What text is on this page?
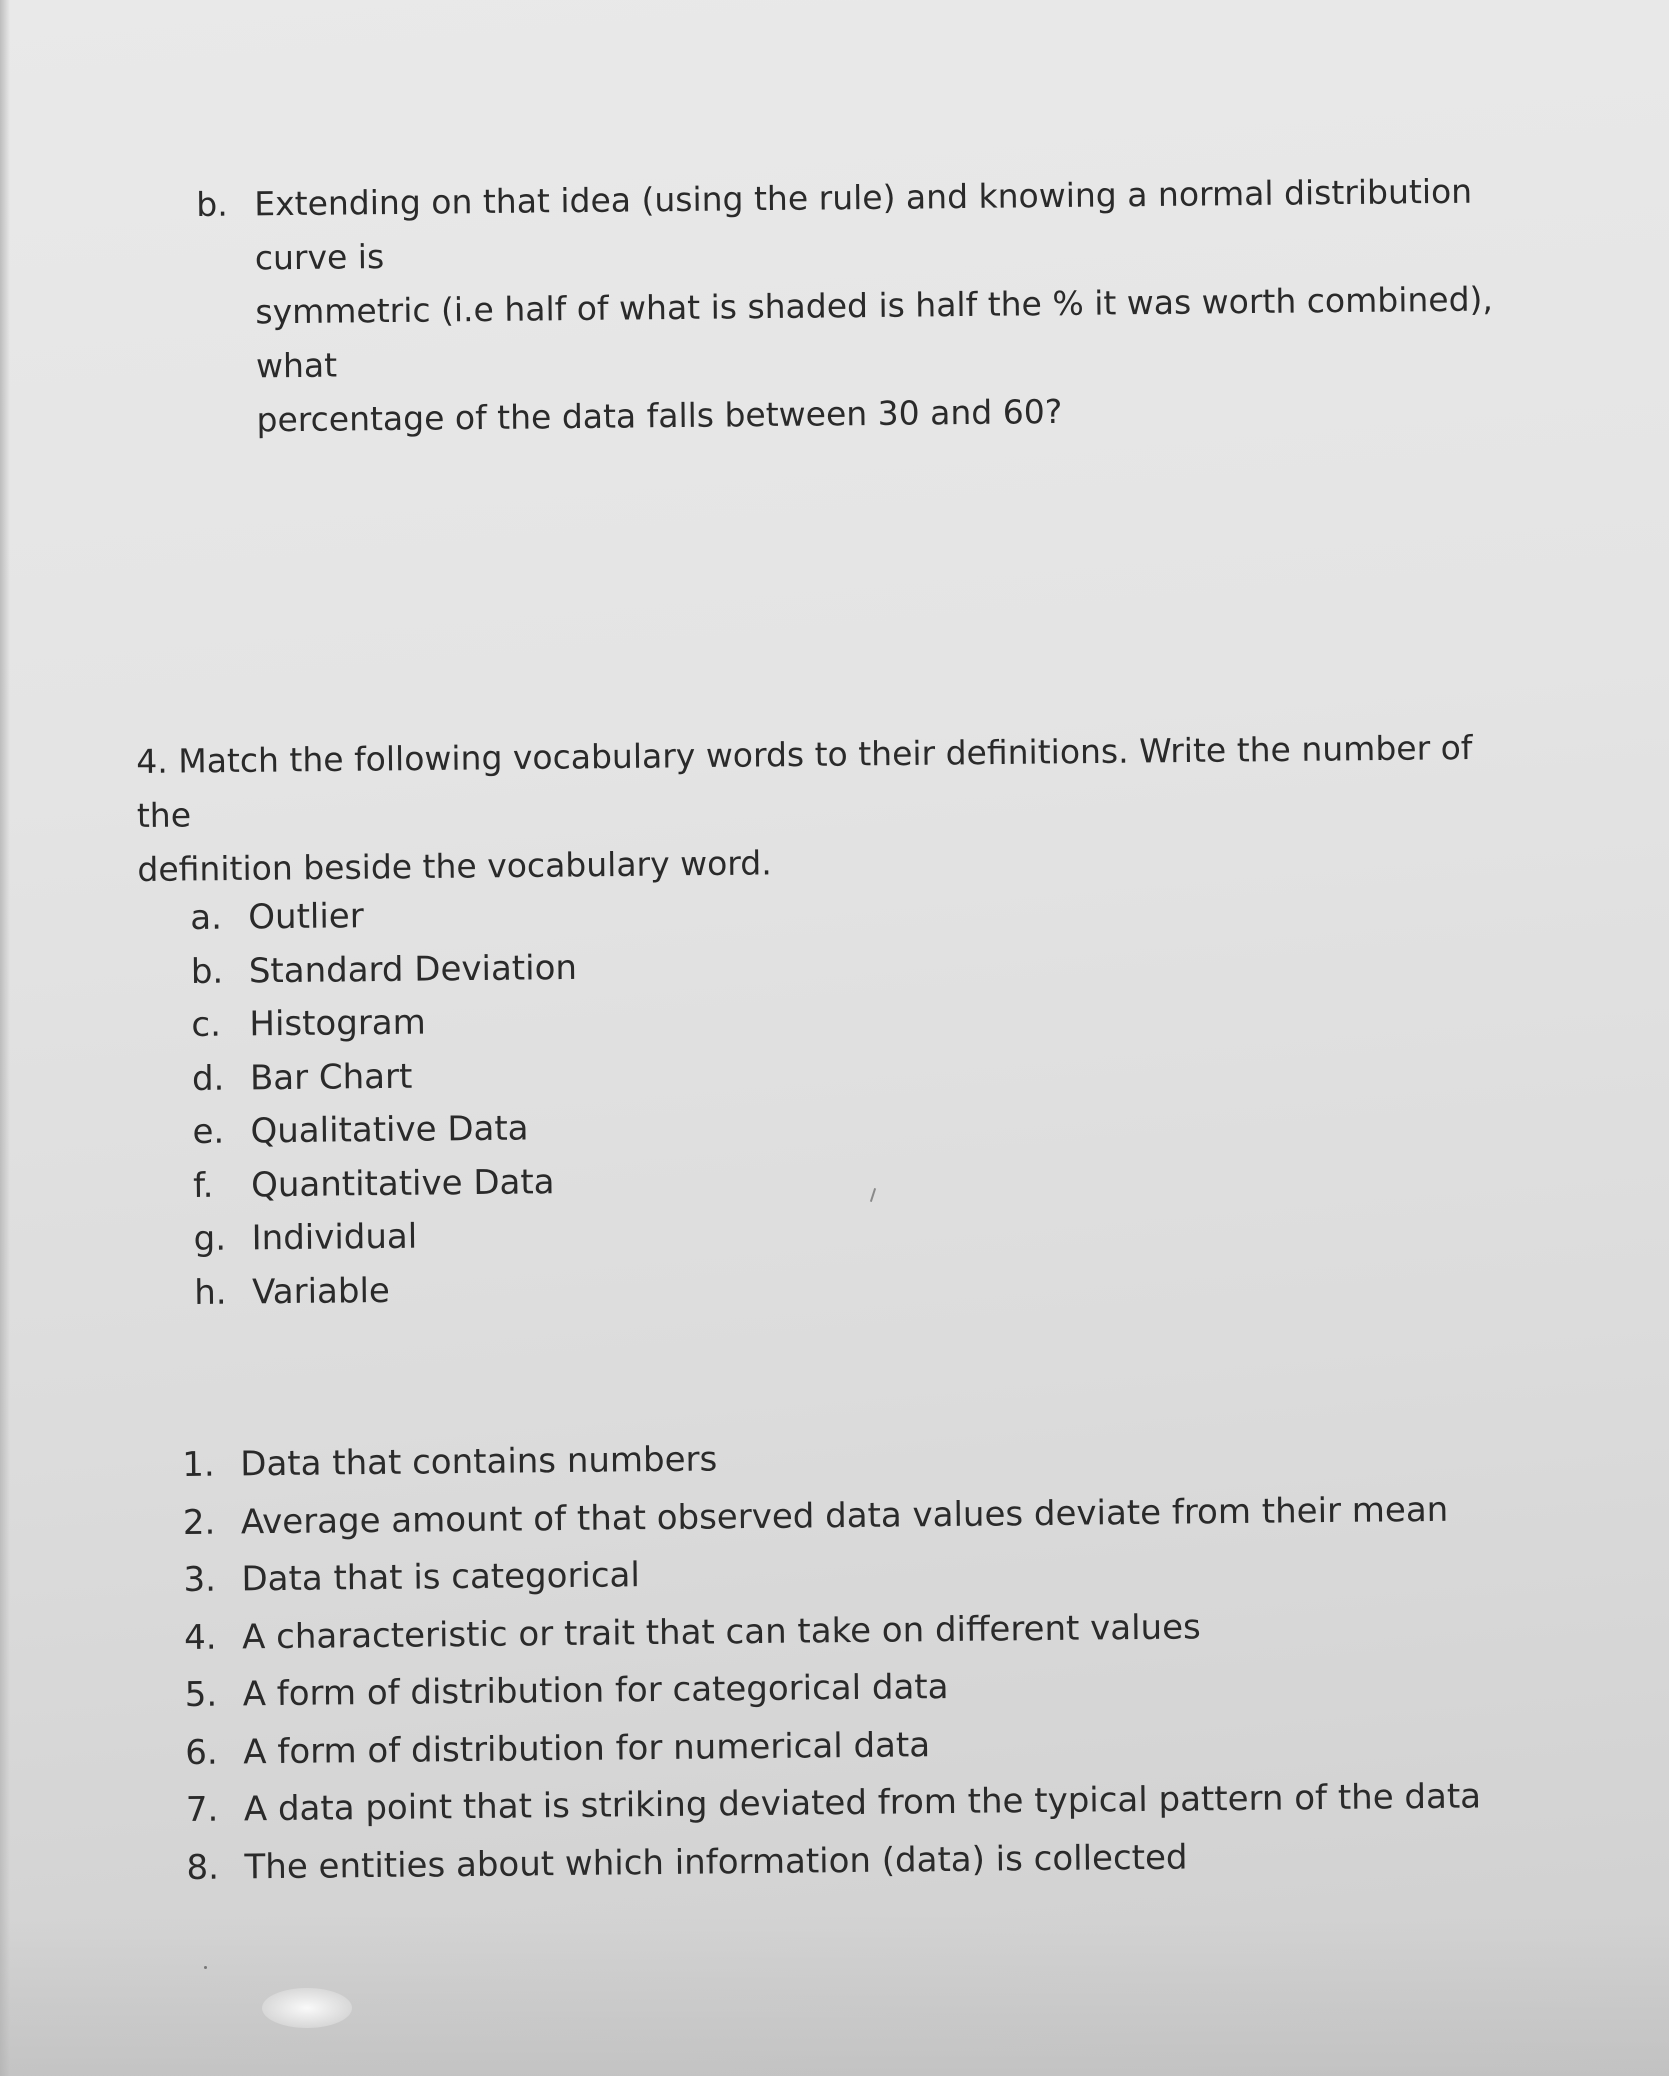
b. Extending on that idea (using the rule) and knowing a normal distribution curve is
symmetric (i.e half of what is shaded is half the % it was worth combined), what
percentage of the data falls between 30 and 60?
4. Match the following vocabulary words to their deﬁnitions. Write the number of the
deﬁnition beside the vocabulary word.
a. Outlier
b. Standard Deviation
c. Histogram
d. Bar Chart
e. Qualitative Data
f. Quantitative Data
g. Individual
h. Variable
1. Data that contains numbers
2. Average amount of that observed data values deviate from their mean
3. Data that is categorical
4. A characteristic or trait that can take on diﬀerent values
5. A form of distribution for categorical data
6. A form of distribution for numerical data
7. A data point that is striking deviated from the typical pattern of the data
8. The entities about which information (data) is collected
